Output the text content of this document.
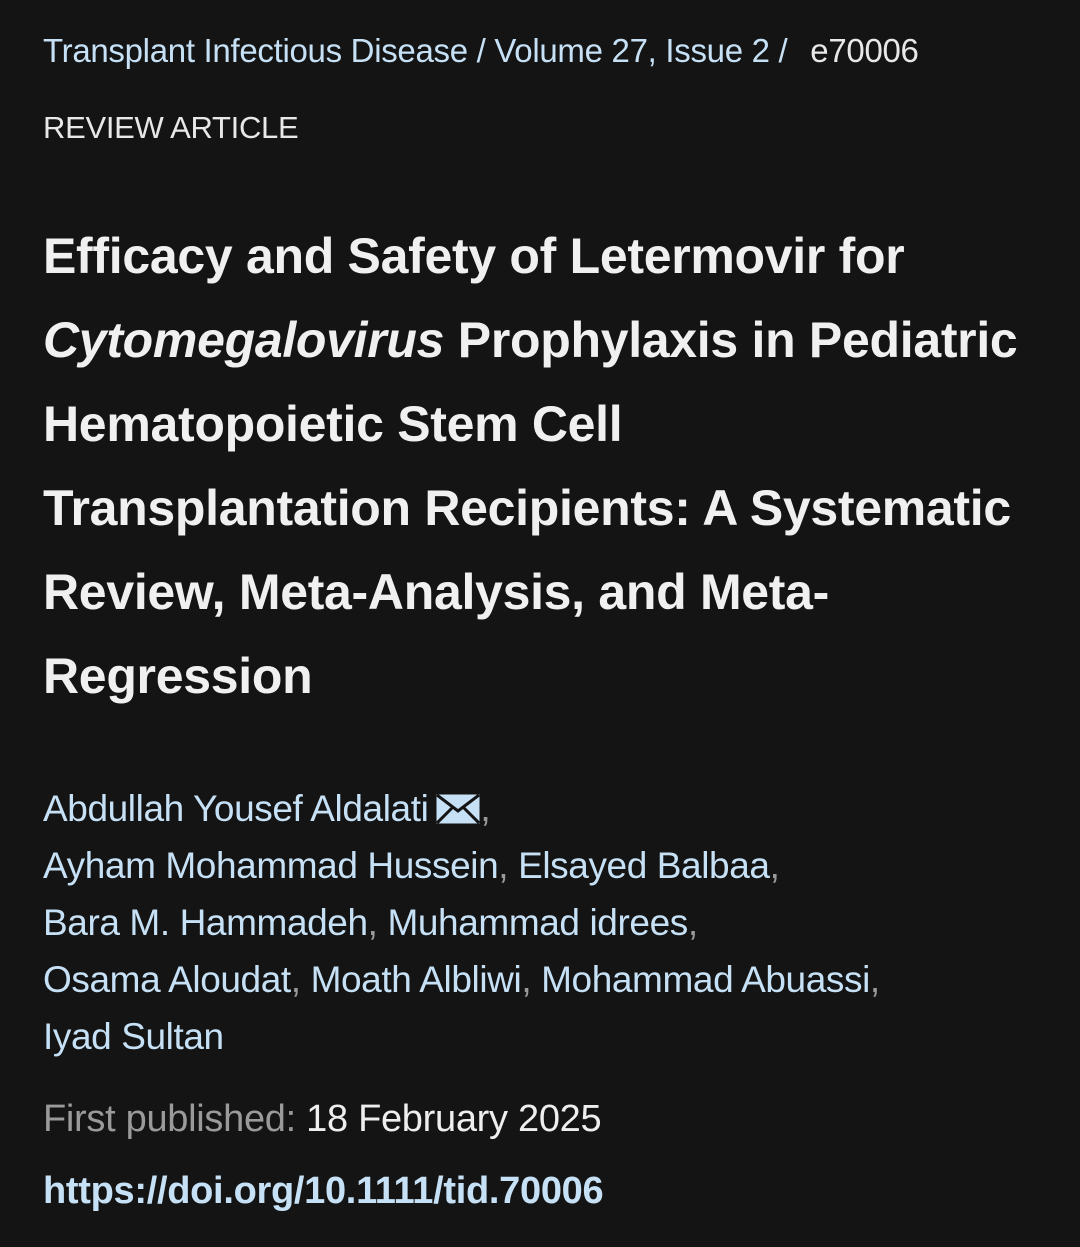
Transplant Infectious Disease / Volume 27, Issue 2 / e70006
REVIEW ARTICLE
Efficacy and Safety of Letermovir for
Cytomegalovirus Prophylaxis in Pediatric
Hematopoietic Stem Cell
Transplantation Recipients: A Systematic
Review, Meta-Analysis, and Meta-
Regression
Abdullah Yousef Aldalati ,
Ayham Mohammad Hussein, Elsayed Balbaa,
Bara M. Hammadeh, Muhammad idrees,
Osama Aloudat, Moath Albliwi, Mohammad Abuassi,
Iyad Sultan
First published: 18 February 2025
https://doi.org/10.1111/tid.70006
